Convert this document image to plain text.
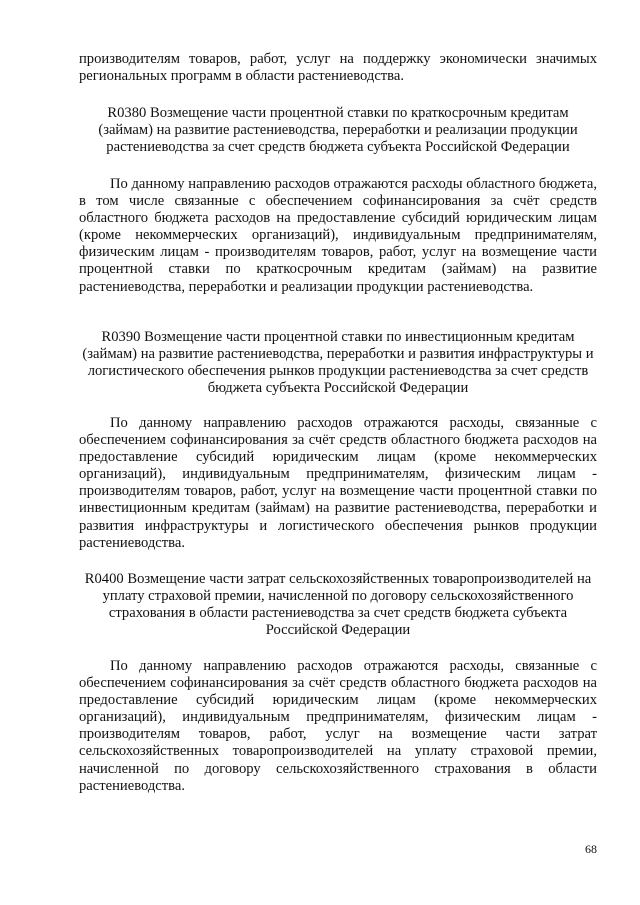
производителям товаров, работ, услуг на поддержку экономически значимых региональных программ в области растениеводства.

R0380 Возмещение части процентной ставки по краткосрочным кредитам (займам) на развитие растениеводства, переработки и реализации продукции растениеводства за счет средств бюджета субъекта Российской Федерации

По данному направлению расходов отражаются расходы областного бюджета, в том числе связанные с обеспечением софинансирования за счёт средств областного бюджета расходов на предоставление субсидий юридическим лицам (кроме некоммерческих организаций), индивидуальным предпринимателям, физическим лицам - производителям товаров, работ, услуг на возмещение части процентной ставки по краткосрочным кредитам (займам) на развитие растениеводства, переработки и реализации продукции растениеводства.

R0390 Возмещение части процентной ставки по инвестиционным кредитам (займам) на развитие растениеводства, переработки и развития инфраструктуры и логистического обеспечения рынков продукции растениеводства за счет средств бюджета субъекта Российской Федерации

По данному направлению расходов отражаются расходы, связанные с обеспечением софинансирования за счёт средств областного бюджета расходов на предоставление субсидий юридическим лицам (кроме некоммерческих организаций), индивидуальным предпринимателям, физическим лицам - производителям товаров, работ, услуг на возмещение части процентной ставки по инвестиционным кредитам (займам) на развитие растениеводства, переработки и развития инфраструктуры и логистического обеспечения рынков продукции растениеводства.

R0400 Возмещение части затрат сельскохозяйственных товаропроизводителей на уплату страховой премии, начисленной по договору сельскохозяйственного страхования в области растениеводства за счет средств бюджета субъекта Российской Федерации

По данному направлению расходов отражаются расходы, связанные с обеспечением софинансирования за счёт средств областного бюджета расходов на предоставление субсидий юридическим лицам (кроме некоммерческих организаций), индивидуальным предпринимателям, физическим лицам - производителям товаров, работ, услуг на возмещение части затрат сельскохозяйственных товаропроизводителей на уплату страховой премии, начисленной по договору сельскохозяйственного страхования в области растениеводства.

68
